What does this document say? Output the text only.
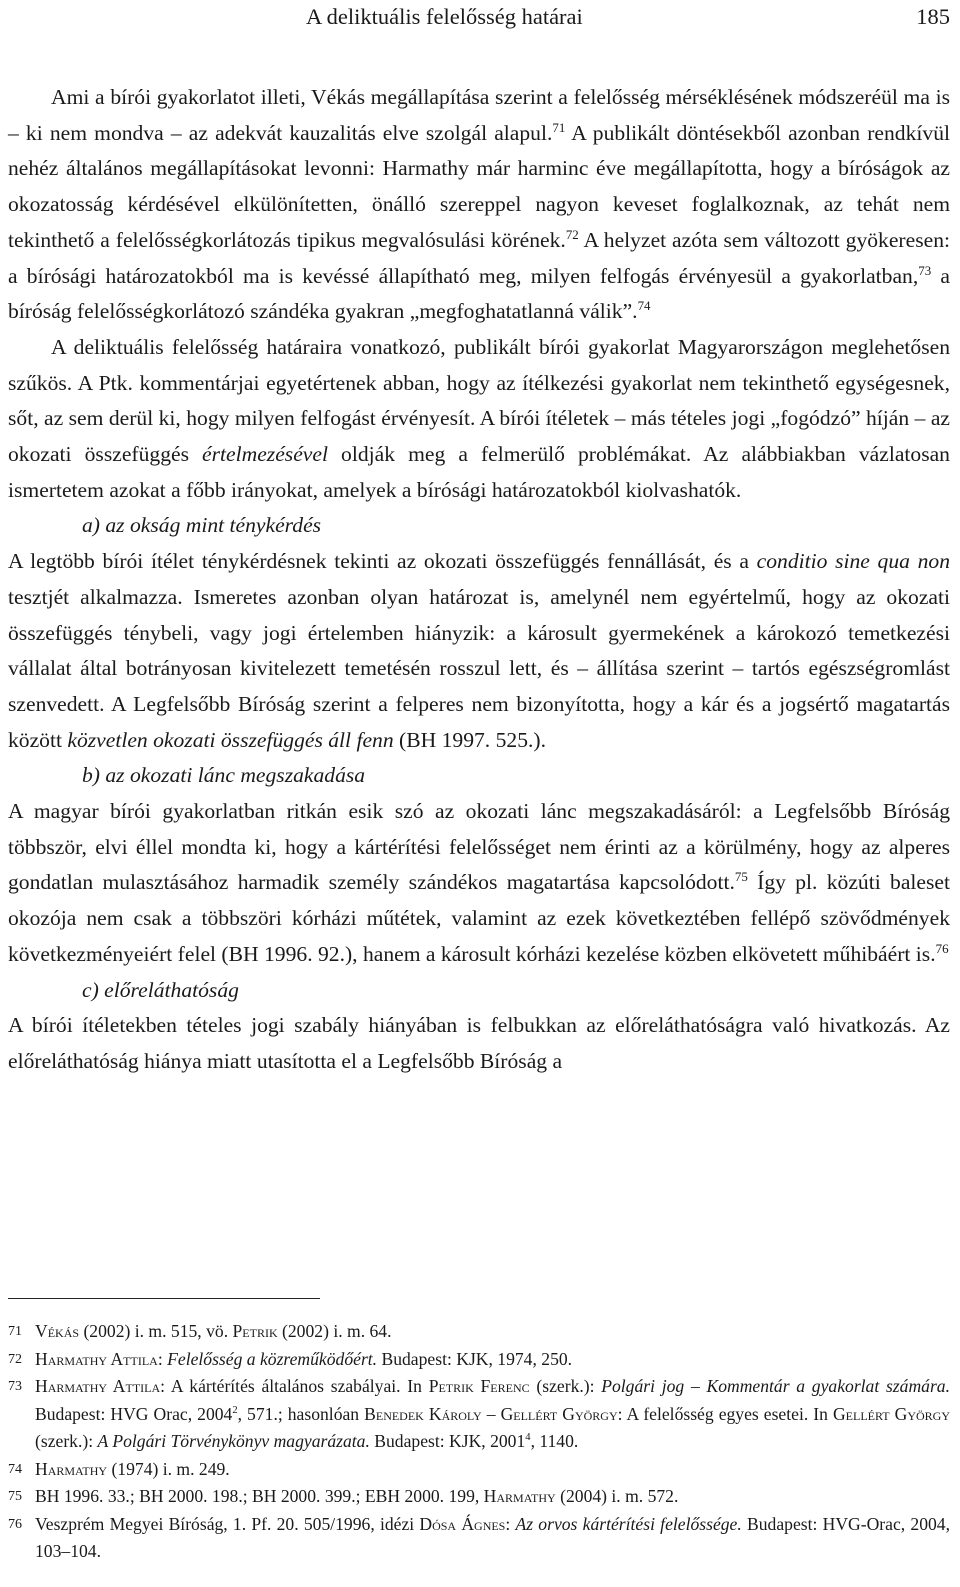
A deliktuális felelősség határai	185

Ami a bírói gyakorlatot illeti, Vékás megállapítása szerint a felelősség mérséklésének módszeréül ma is – ki nem mondva – az adekvát kauzalitás elve szolgál alapul.$^{71}$ A publikált döntésekből azonban rendkívül nehéz általános megállapításokat levonni: Harmathy már harminc éve megállapította, hogy a bíróságok az okozatosság kérdésével elkülönítetten, önálló szereppel nagyon keveset foglalkoznak, az tehát nem tekinthető a felelősségkorlátozás tipikus megvalósulási körének.$^{72}$ A helyzet azóta sem változott gyökeresen: a bírósági határozatokból ma is kevéssé állapítható meg, milyen felfogás érvényesül a gyakorlatban,$^{73}$ a bíróság felelősségkorlátozó szándéka gyakran „megfoghatatlanná válik”.$^{74}$

A deliktuális felelősség határaira vonatkozó, publikált bírói gyakorlat Magyarországon meglehetősen szűkös. A Ptk. kommentárjai egyetértenek abban, hogy az ítélkezési gyakorlat nem tekinthető egységesnek, sőt, az sem derül ki, hogy milyen felfogást érvényesít. A bírói ítéletek – más tételes jogi „fogódzó” híján – az okozati összefüggés értelmezésével oldják meg a felmerülő problémákat. Az alábbiakban vázlatosan ismertetem azokat a főbb irányokat, amelyek a bírósági határozatokból kiolvashatók.

a) az okság mint ténykérdés

A legtöbb bírói ítélet ténykérdésnek tekinti az okozati összefüggés fennállását, és a conditio sine qua non tesztjét alkalmazza. Ismeretes azonban olyan határozat is, amelynél nem egyértelmű, hogy az okozati összefüggés ténybeli, vagy jogi értelemben hiányzik: a károsult gyermekének a károkozó temetkezési vállalat által botrányosan kivitelezett temetésén rosszul lett, és – állítása szerint – tartós egészségromlást szenvedett. A Legfelsőbb Bíróság szerint a felperes nem bizonyította, hogy a kár és a jogsértő magatartás között közvetlen okozati összefüggés áll fenn (BH 1997. 525.).

b) az okozati lánc megszakadása

A magyar bírói gyakorlatban ritkán esik szó az okozati lánc megszakadásáról: a Legfelsőbb Bíróság többször, elvi éllel mondta ki, hogy a kártérítési felelősséget nem érinti az a körülmény, hogy az alperes gondatlan mulasztásához harmadik személy szándékos magatartása kapcsolódott.$^{75}$ Így pl. közúti baleset okozója nem csak a többszöri kórházi műtétek, valamint az ezek következtében fellépő szövődmények következményeiért felel (BH 1996. 92.), hanem a károsult kórházi kezelése közben elkövetett műhibáért is.$^{76}$

c) előreláthatóság

A bírói ítéletekben tételes jogi szabály hiányában is felbukkan az előreláthatóságra való hivatkozás. Az előreláthatóság hiánya miatt utasította el a Legfelsőbb Bíróság a

71 Vékás (2002) i. m. 515, vö. Petrik (2002) i. m. 64.

72 Harmathy Attila: Felelősség a közreműködőért. Budapest: KJK, 1974, 250.

73 Harmathy Attila: A kártérítés általános szabályai. In Petrik Ferenc (szerk.): Polgári jog – Kommentár a gyakorlat számára. Budapest: HVG Orac, 2004$^2$, 571.; hasonlóan Benedek Károly – Gellért György: A felelősség egyes esetei. In Gellért György (szerk.): A Polgári Törvénykönyv magyarázata. Budapest: KJK, 2001$^4$, 1140.

74 Harmathy (1974) i. m. 249.

75 BH 1996. 33.; BH 2000. 198.; BH 2000. 399.; EBH 2000. 199, Harmathy (2004) i. m. 572.

76 Veszprém Megyei Bíróság, 1. Pf. 20. 505/1996, idézi Dósa Ágnes: Az orvos kártérítési felelőssége. Budapest: HVG-Orac, 2004, 103–104.
